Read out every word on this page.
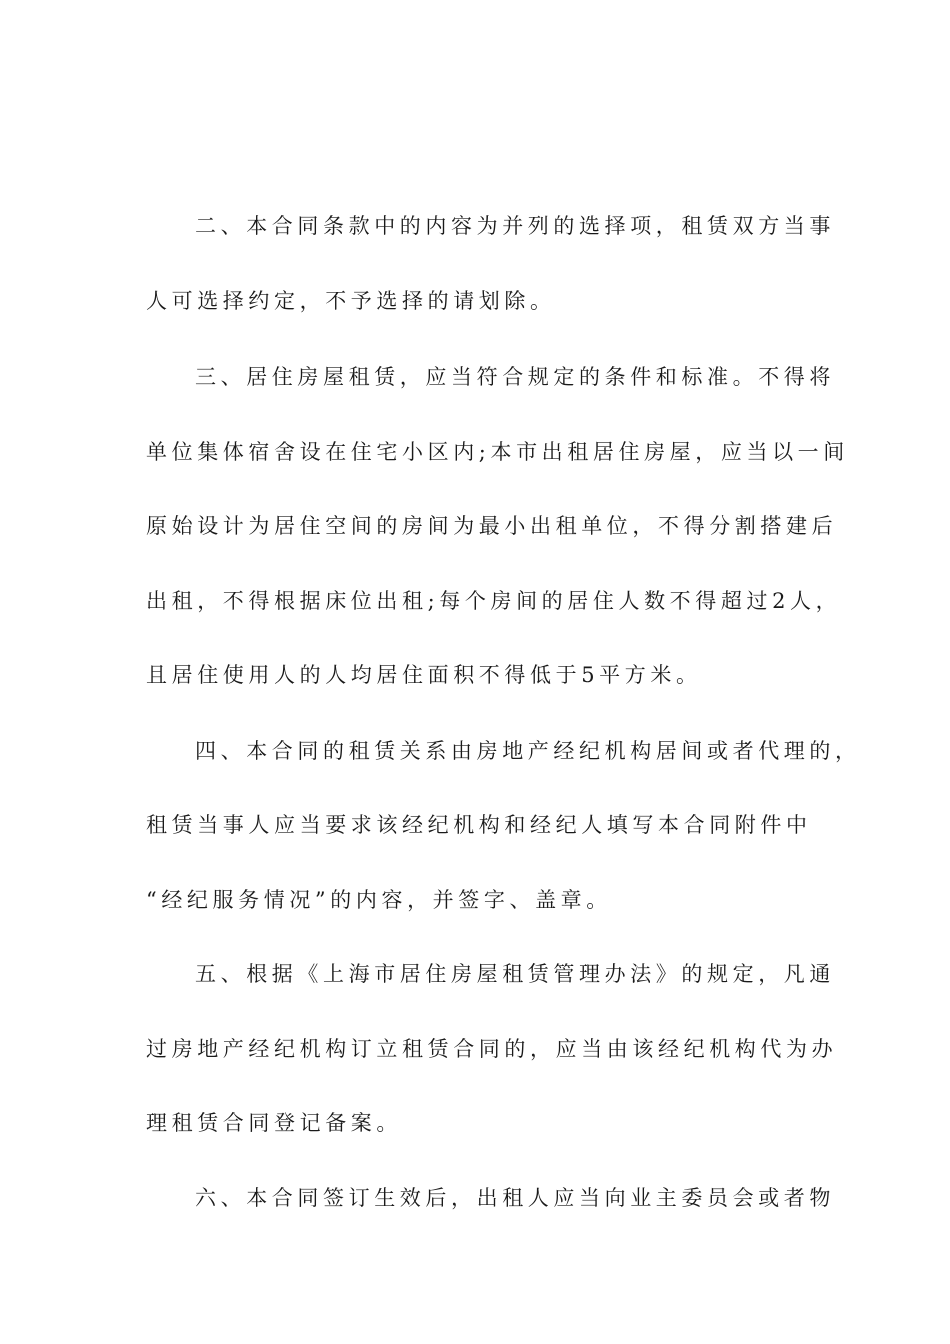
二、本合同条款中的内容为并列的选择项，租赁双方当事
人可选择约定，不予选择的请划除。
三、居住房屋租赁，应当符合规定的条件和标准。不得将
单位集体宿舍设在住宅小区内;本市出租居住房屋，应当以一间
原始设计为居住空间的房间为最小出租单位，不得分割搭建后
出租，不得根据床位出租;每个房间的居住人数不得超过2人，
且居住使用人的人均居住面积不得低于5平方米。
四、本合同的租赁关系由房地产经纪机构居间或者代理的，
租赁当事人应当要求该经纪机构和经纪人填写本合同附件中
“经纪服务情况”的内容，并签字、盖章。
五、根据《上海市居住房屋租赁管理办法》的规定，凡通
过房地产经纪机构订立租赁合同的，应当由该经纪机构代为办
理租赁合同登记备案。
六、本合同签订生效后，出租人应当向业主委员会或者物
